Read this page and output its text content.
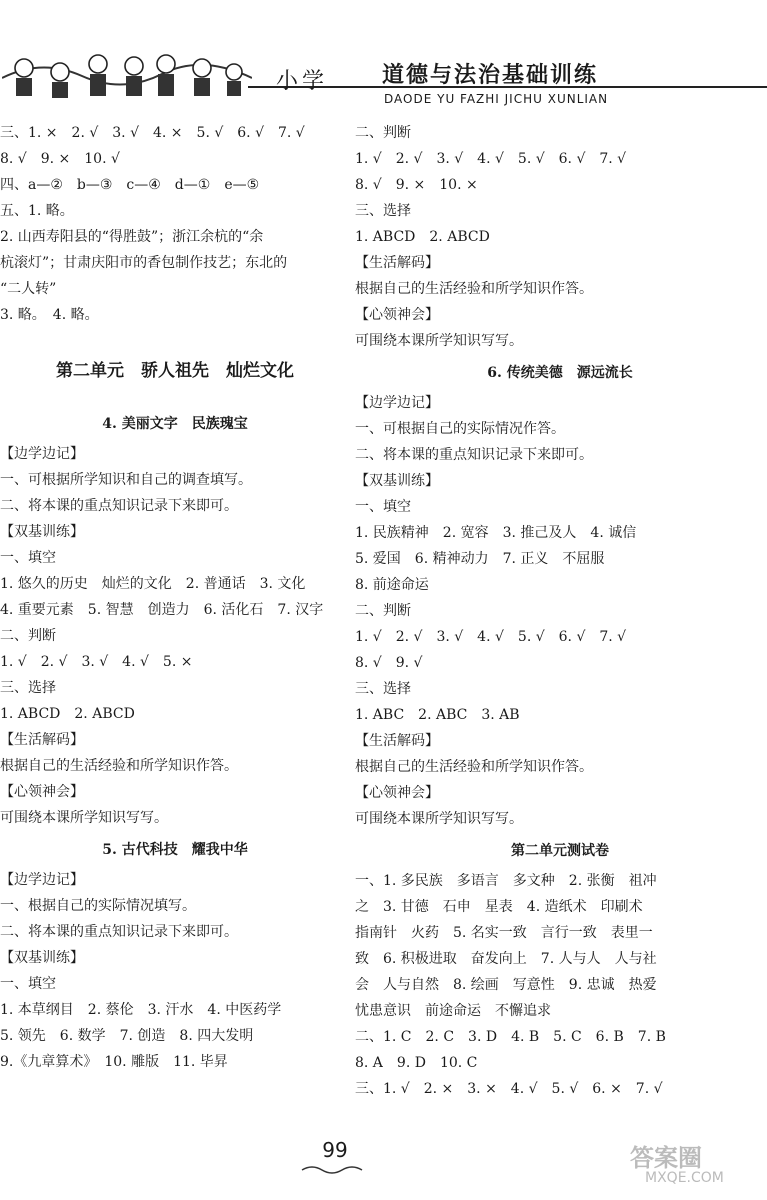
小学 道德与法治基础训练
DAODE YU FAZHI JICHU XUNLIAN
三、1. ×　2. √　3. √　4. ×　5. √　6. √　7. √
8. √　9. ×　10. √
四、a—②　b—③　c—④　d—①　e—⑤
五、1. 略。
2. 山西寿阳县的“得胜鼓”；浙江余杭的“余
杭滚灯”；甘肃庆阳市的香包制作技艺；东北的
“二人转”
3. 略。　4. 略。
第二单元　骄人祖先　灿烂文化
4. 美丽文字　民族瑰宝
【边学边记】
一、可根据所学知识和自己的调查填写。
二、将本课的重点知识记录下来即可。
【双基训练】
一、填空
1. 悠久的历史　灿烂的文化　2. 普通话　3. 文化
4. 重要元素　5. 智慧　创造力　6. 活化石　7. 汉字
二、判断
1. √　2. √　3. √　4. √　5. ×
三、选择
1. ABCD　2. ABCD
【生活解码】
根据自己的生活经验和所学知识作答。
【心领神会】
可围绕本课所学知识写写。
5. 古代科技　耀我中华
【边学边记】
一、根据自己的实际情况填写。
二、将本课的重点知识记录下来即可。
【双基训练】
一、填空
1. 本草纲目　2. 蔡伦　3. 汗水　4. 中医药学
5. 领先　6. 数学　7. 创造　8. 四大发明
9.《九章算术》　10. 雕版　11. 毕昇
二、判断
1. √　2. √　3. √　4. √　5. √　6. √　7. √
8. √　9. ×　10. ×
三、选择
1. ABCD　2. ABCD
【生活解码】
根据自己的生活经验和所学知识作答。
【心领神会】
可围绕本课所学知识写写。
6. 传统美德　源远流长
【边学边记】
一、可根据自己的实际情况作答。
二、将本课的重点知识记录下来即可。
【双基训练】
一、填空
1. 民族精神　2. 宽容　3. 推己及人　4. 诚信
5. 爱国　6. 精神动力　7. 正义　不屈服
8. 前途命运
二、判断
1. √　2. √　3. √　4. √　5. √　6. √　7. √
8. √　9. √
三、选择
1. ABC　2. ABC　3. AB
【生活解码】
根据自己的生活经验和所学知识作答。
【心领神会】
可围绕本课所学知识写写。
第二单元测试卷
一、1. 多民族　多语言　多文种　2. 张衡　祖冲
之　3. 甘德　石申　星表　4. 造纸术　印刷术
指南针　火药　5. 名实一致　言行一致　表里一
致　6. 积极进取　奋发向上　7. 人与人　人与社
会　人与自然　8. 绘画　写意性　9. 忠诚　热爱
忧患意识　前途命运　不懈追求
二、1. C　2. C　3. D　4. B　5. C　6. B　7. B
8. A　9. D　10. C
三、1. √　2. ×　3. ×　4. √　5. √　6. ×　7. √
99	答案圈
MXQE.COM
